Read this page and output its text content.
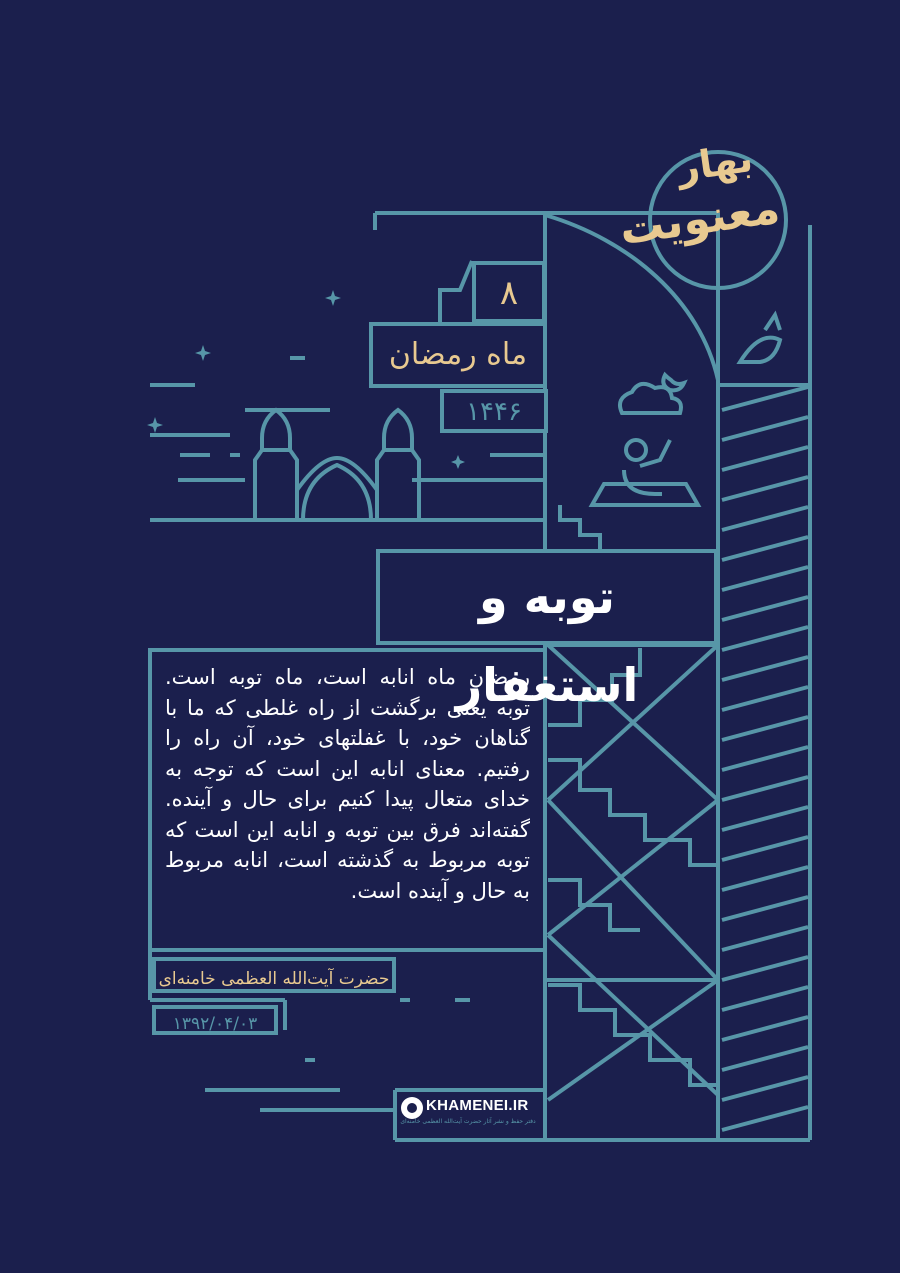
بهار
معنویت
۸
ماه رمضان
۱۴۴۶
توبه و استغفار
رمضان ماه انابه است، ماه توبه است. توبه یعنی برگشت از راه غلطی که ما با گناهان خود، با غفلتهای خود، آن راه را رفتیم. معنای انابه این است که توجه به خدای متعال پیدا کنیم برای حال و آینده. گفته‌اند فرق بین توبه و انابه این است که توبه مربوط به گذشته است، انابه مربوط به حال و آینده است.
حضرت آیت‌الله العظمی خامنه‌ای
۱۳۹۲/۰۴/۰۳
KHAMENEI.IR
دفتر حفظ و نشر آثار حضرت آیت‌الله العظمی خامنه‌ای
